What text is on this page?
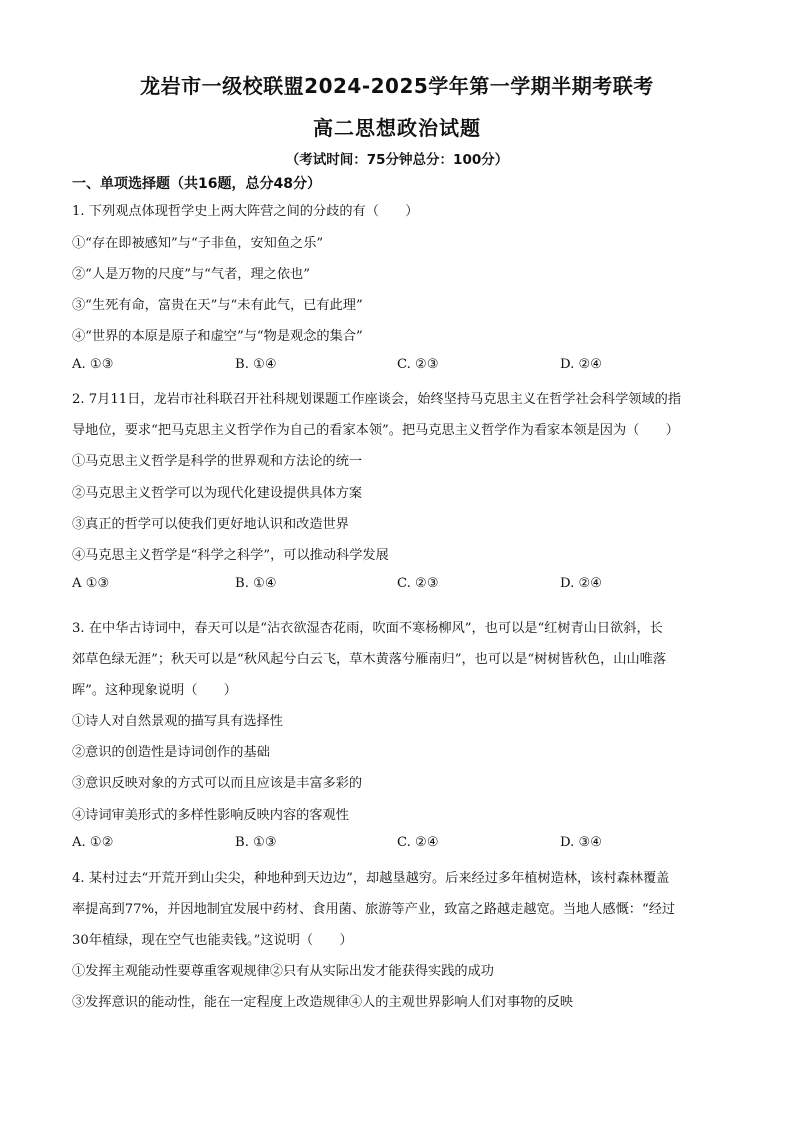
龙岩市一级校联盟2024-2025学年第一学期半期考联考
高二思想政治试题
（考试时间：75分钟总分：100分）
一、单项选择题（共16题，总分48分）
1. 下列观点体现哲学史上两大阵营之间的分歧的有（　　）
①“存在即被感知”与“子非鱼，安知鱼之乐”
②“人是万物的尺度”与“气者，理之依也”
③“生死有命，富贵在天”与“未有此气，已有此理”
④“世界的本原是原子和虚空”与“物是观念的集合”
A. ①③	B. ①④	C. ②③	D. ②④
2. 7月11日，龙岩市社科联召开社科规划课题工作座谈会，始终坚持马克思主义在哲学社会科学领域的指
导地位，要求“把马克思主义哲学作为自己的看家本领”。把马克思主义哲学作为看家本领是因为（　　）
①马克思主义哲学是科学的世界观和方法论的统一
②马克思主义哲学可以为现代化建设提供具体方案
③真正的哲学可以使我们更好地认识和改造世界
④马克思主义哲学是“科学之科学”，可以推动科学发展
A ①③	B. ①④	C. ②③	D. ②④
3. 在中华古诗词中，春天可以是“沾衣欲湿杏花雨，吹面不寒杨柳风”，也可以是“红树青山日欲斜，长
郊草色绿无涯”；秋天可以是“秋风起兮白云飞，草木黄落兮雁南归”，也可以是“树树皆秋色，山山唯落
晖”。这种现象说明（　　）
①诗人对自然景观的描写具有选择性
②意识的创造性是诗词创作的基础
③意识反映对象的方式可以而且应该是丰富多彩的
④诗词审美形式的多样性影响反映内容的客观性
A. ①②	B. ①③	C. ②④	D. ③④
4. 某村过去“开荒开到山尖尖，种地种到天边边”，却越垦越穷。后来经过多年植树造林，该村森林覆盖
率提高到77%，并因地制宜发展中药材、食用菌、旅游等产业，致富之路越走越宽。当地人感慨：“经过
30年植绿，现在空气也能卖钱。”这说明（　　）
①发挥主观能动性要尊重客观规律②只有从实际出发才能获得实践的成功
③发挥意识的能动性，能在一定程度上改造规律④人的主观世界影响人们对事物的反映
